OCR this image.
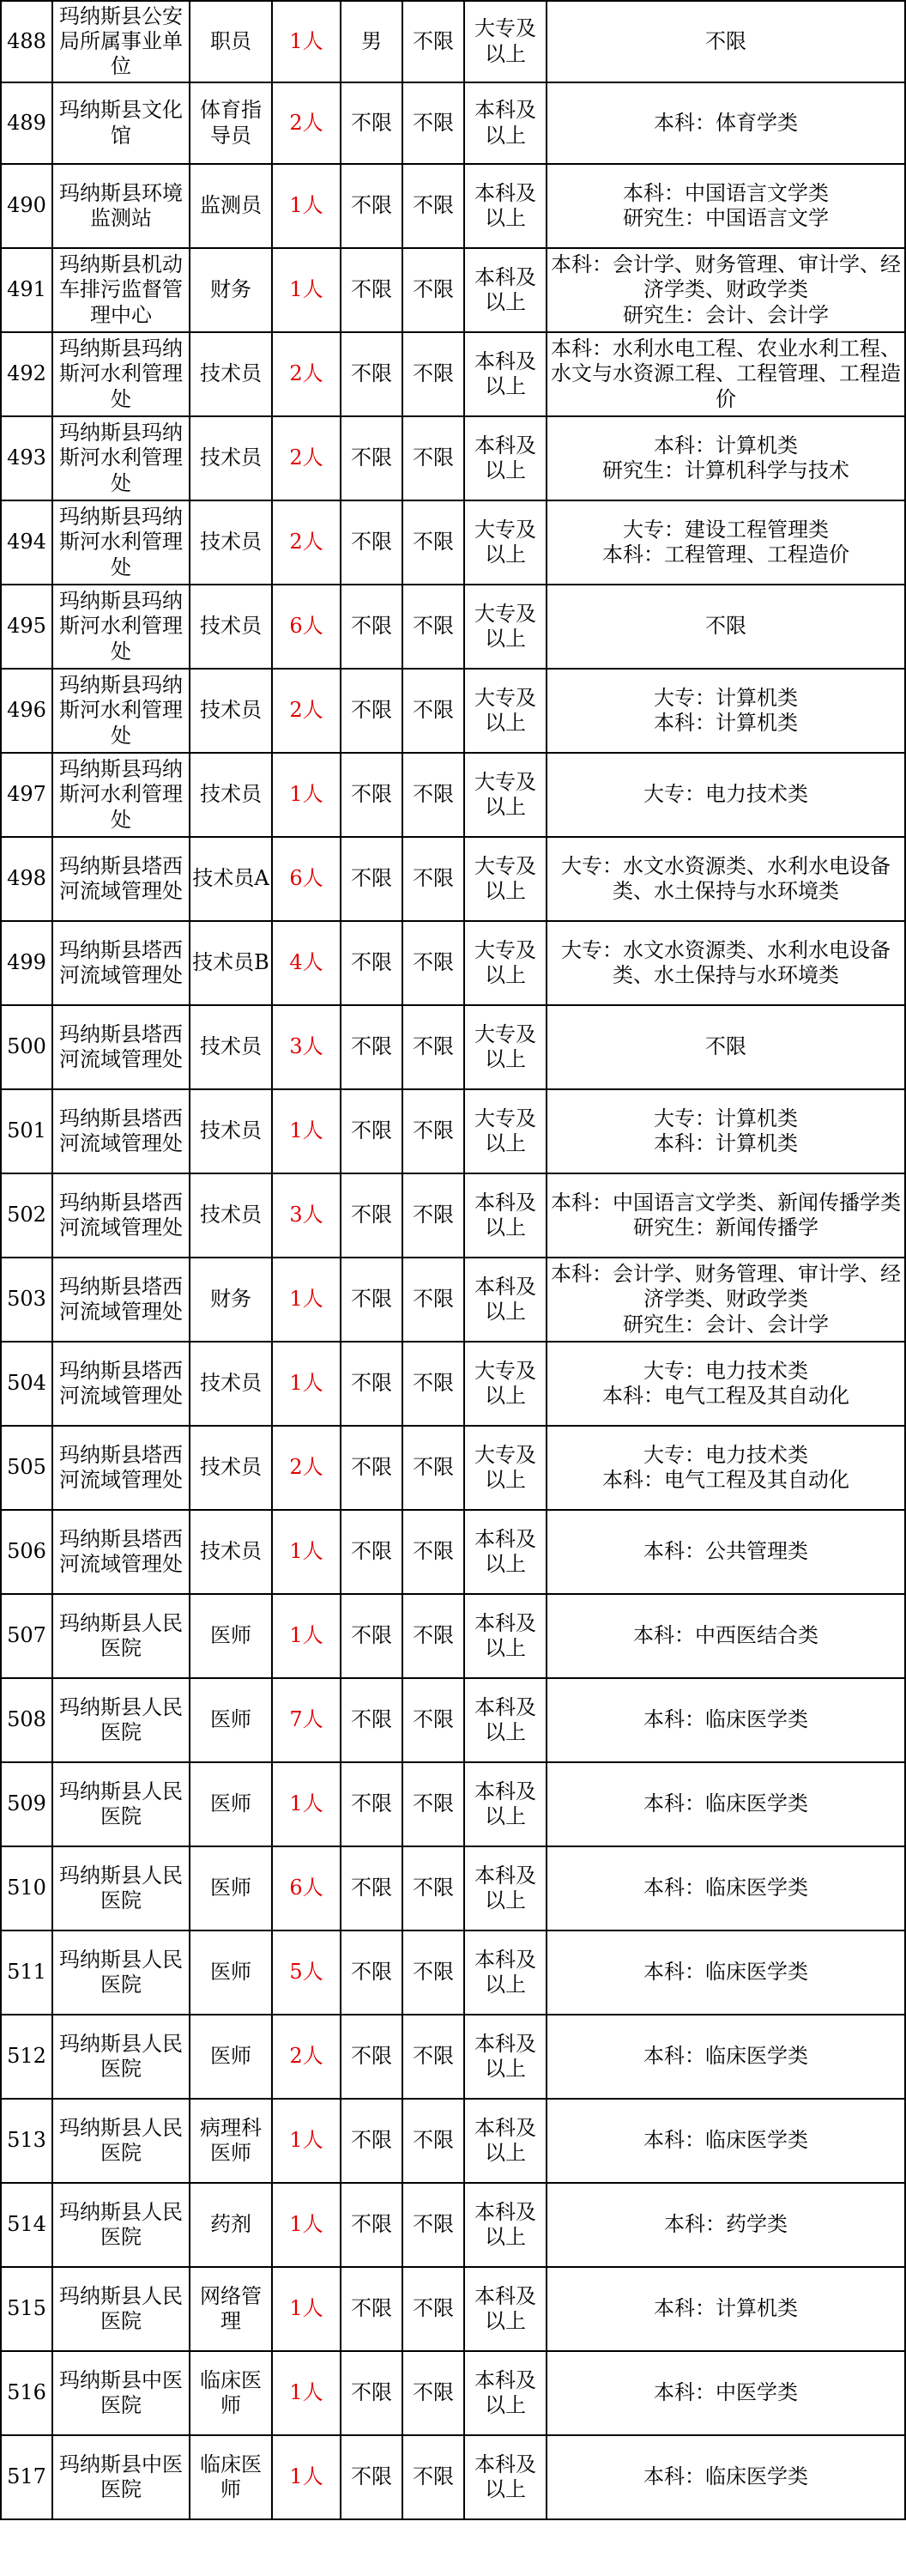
488	玛纳斯县公安局所属事业单位	职员	1人	男	不限	大专及以上	不限

489	玛纳斯县文化馆	体育指导员	2人	不限	不限	本科及以上	本科：体育学类

490	玛纳斯县环境监测站	监测员	1人	不限	不限	本科及以上	本科：中国语言文学类
研究生：中国语言文学

491	玛纳斯县机动车排污监督管理中心	财务	1人	不限	不限	本科及以上	本科：会计学、财务管理、审计学、经济学类、财政学类
研究生：会计、会计学

492	玛纳斯县玛纳斯河水利管理处	技术员	2人	不限	不限	本科及以上	本科：水利水电工程、农业水利工程、水文与水资源工程、工程管理、工程造价

493	玛纳斯县玛纳斯河水利管理处	技术员	2人	不限	不限	本科及以上	本科：计算机类
研究生：计算机科学与技术

494	玛纳斯县玛纳斯河水利管理处	技术员	2人	不限	不限	大专及以上	大专：建设工程管理类
本科：工程管理、工程造价

495	玛纳斯县玛纳斯河水利管理处	技术员	6人	不限	不限	大专及以上	不限

496	玛纳斯县玛纳斯河水利管理处	技术员	2人	不限	不限	大专及以上	大专：计算机类
本科：计算机类

497	玛纳斯县玛纳斯河水利管理处	技术员	1人	不限	不限	大专及以上	大专：电力技术类

498	玛纳斯县塔西河流域管理处	技术员A	6人	不限	不限	大专及以上	大专：水文水资源类、水利水电设备类、水土保持与水环境类

499	玛纳斯县塔西河流域管理处	技术员B	4人	不限	不限	大专及以上	大专：水文水资源类、水利水电设备类、水土保持与水环境类

500	玛纳斯县塔西河流域管理处	技术员	3人	不限	不限	大专及以上	不限

501	玛纳斯县塔西河流域管理处	技术员	1人	不限	不限	大专及以上	大专：计算机类
本科：计算机类

502	玛纳斯县塔西河流域管理处	技术员	3人	不限	不限	本科及以上	本科：中国语言文学类、新闻传播学类
研究生：新闻传播学

503	玛纳斯县塔西河流域管理处	财务	1人	不限	不限	本科及以上	本科：会计学、财务管理、审计学、经济学类、财政学类
研究生：会计、会计学

504	玛纳斯县塔西河流域管理处	技术员	1人	不限	不限	大专及以上	大专：电力技术类
本科：电气工程及其自动化

505	玛纳斯县塔西河流域管理处	技术员	2人	不限	不限	大专及以上	大专：电力技术类
本科：电气工程及其自动化

506	玛纳斯县塔西河流域管理处	技术员	1人	不限	不限	本科及以上	本科：公共管理类

507	玛纳斯县人民医院	医师	1人	不限	不限	本科及以上	本科：中西医结合类

508	玛纳斯县人民医院	医师	7人	不限	不限	本科及以上	本科：临床医学类

509	玛纳斯县人民医院	医师	1人	不限	不限	本科及以上	本科：临床医学类

510	玛纳斯县人民医院	医师	6人	不限	不限	本科及以上	本科：临床医学类

511	玛纳斯县人民医院	医师	5人	不限	不限	本科及以上	本科：临床医学类

512	玛纳斯县人民医院	医师	2人	不限	不限	本科及以上	本科：临床医学类

513	玛纳斯县人民医院	病理科医师	1人	不限	不限	本科及以上	本科：临床医学类

514	玛纳斯县人民医院	药剂	1人	不限	不限	本科及以上	本科：药学类

515	玛纳斯县人民医院	网络管理	1人	不限	不限	本科及以上	本科：计算机类

516	玛纳斯县中医医院	临床医师	1人	不限	不限	本科及以上	本科：中医学类

517	玛纳斯县中医医院	临床医师	1人	不限	不限	本科及以上	本科：临床医学类
